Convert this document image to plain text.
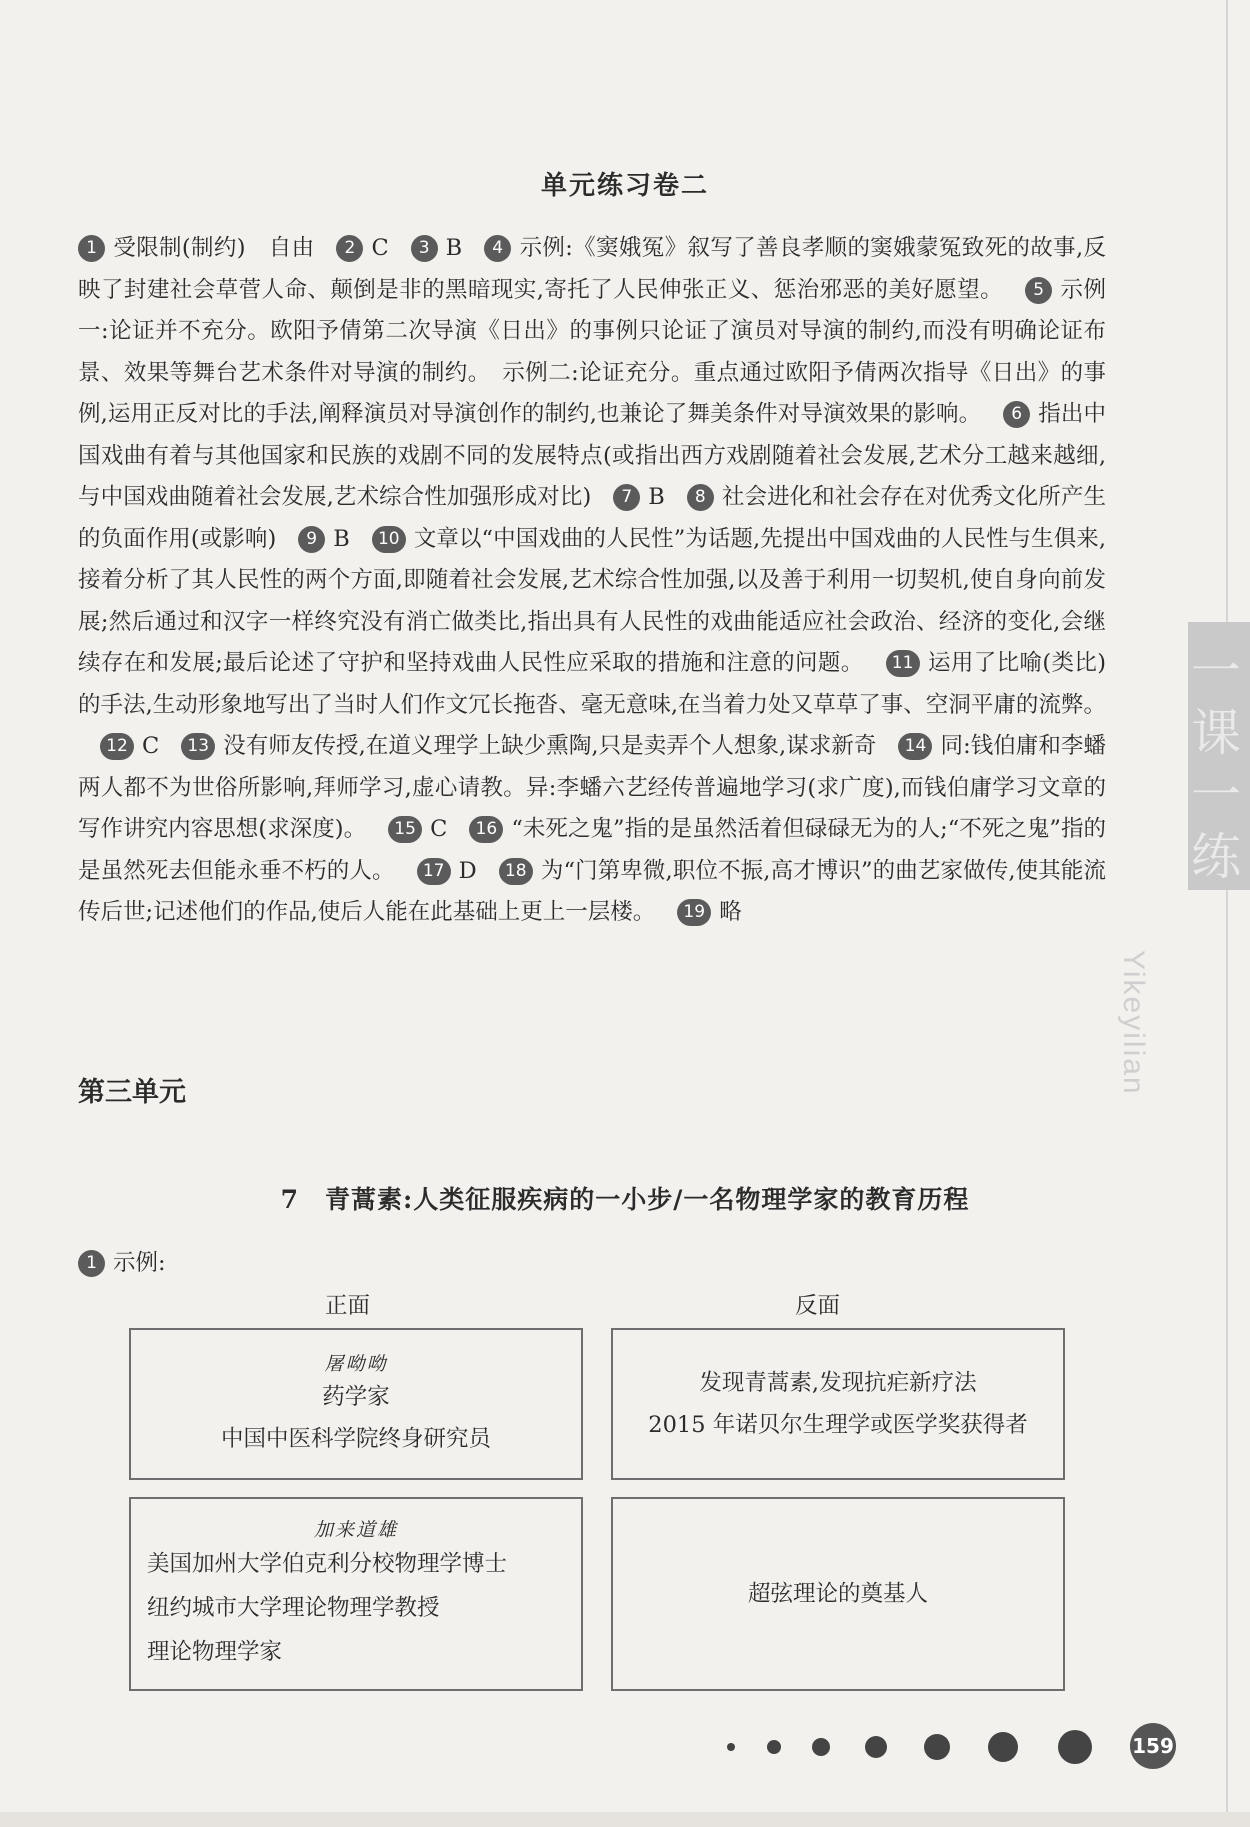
单元练习卷二
1 受限制(制约)　自由 2 C 3 B 4 示例:《窦娥冤》叙写了善良孝顺的窦娥蒙冤致死的故事,反映了封建社会草菅人命、颠倒是非的黑暗现实,寄托了人民伸张正义、惩治邪恶的美好愿望。 5 示例一:论证并不充分。欧阳予倩第二次导演《日出》的事例只论证了演员对导演的制约,而没有明确论证布景、效果等舞台艺术条件对导演的制约。　示例二:论证充分。重点通过欧阳予倩两次指导《日出》的事例,运用正反对比的手法,阐释演员对导演创作的制约,也兼论了舞美条件对导演效果的影响。 6 指出中国戏曲有着与其他国家和民族的戏剧不同的发展特点(或指出西方戏剧随着社会发展,艺术分工越来越细,与中国戏曲随着社会发展,艺术综合性加强形成对比) 7 B 8 社会进化和社会存在对优秀文化所产生的负面作用(或影响) 9 B 10 文章以“中国戏曲的人民性”为话题,先提出中国戏曲的人民性与生俱来,接着分析了其人民性的两个方面,即随着社会发展,艺术综合性加强,以及善于利用一切契机,使自身向前发展;然后通过和汉字一样终究没有消亡做类比,指出具有人民性的戏曲能适应社会政治、经济的变化,会继续存在和发展;最后论述了守护和坚持戏曲人民性应采取的措施和注意的问题。 11 运用了比喻(类比)的手法,生动形象地写出了当时人们作文冗长拖沓、毫无意味,在当着力处又草草了事、空洞平庸的流弊。12 C 13 没有师友传授,在道义理学上缺少熏陶,只是卖弄个人想象,谋求新奇 14 同:钱伯庸和李蟠两人都不为世俗所影响,拜师学习,虚心请教。异:李蟠六艺经传普遍地学习(求广度),而钱伯庸学习文章的写作讲究内容思想(求深度)。 15 C 16 “未死之鬼”指的是虽然活着但碌碌无为的人;“不死之鬼”指的是虽然死去但能永垂不朽的人。 17 D 18 为“门第卑微,职位不振,高才博识”的曲艺家做传,使其能流传后世;记述他们的作品,使后人能在此基础上更上一层楼。 19 略
第三单元
7　青蒿素:人类征服疾病的一小步/一名物理学家的教育历程
1 示例:
正面	反面
屠呦呦
药学家
中国中医科学院终身研究员
发现青蒿素,发现抗疟新疗法
2015 年诺贝尔生理学或医学奖获得者
加来道雄
美国加州大学伯克利分校物理学博士
纽约城市大学理论物理学教授
理论物理学家
超弦理论的奠基人
一课一练
Yikeyilian
159
